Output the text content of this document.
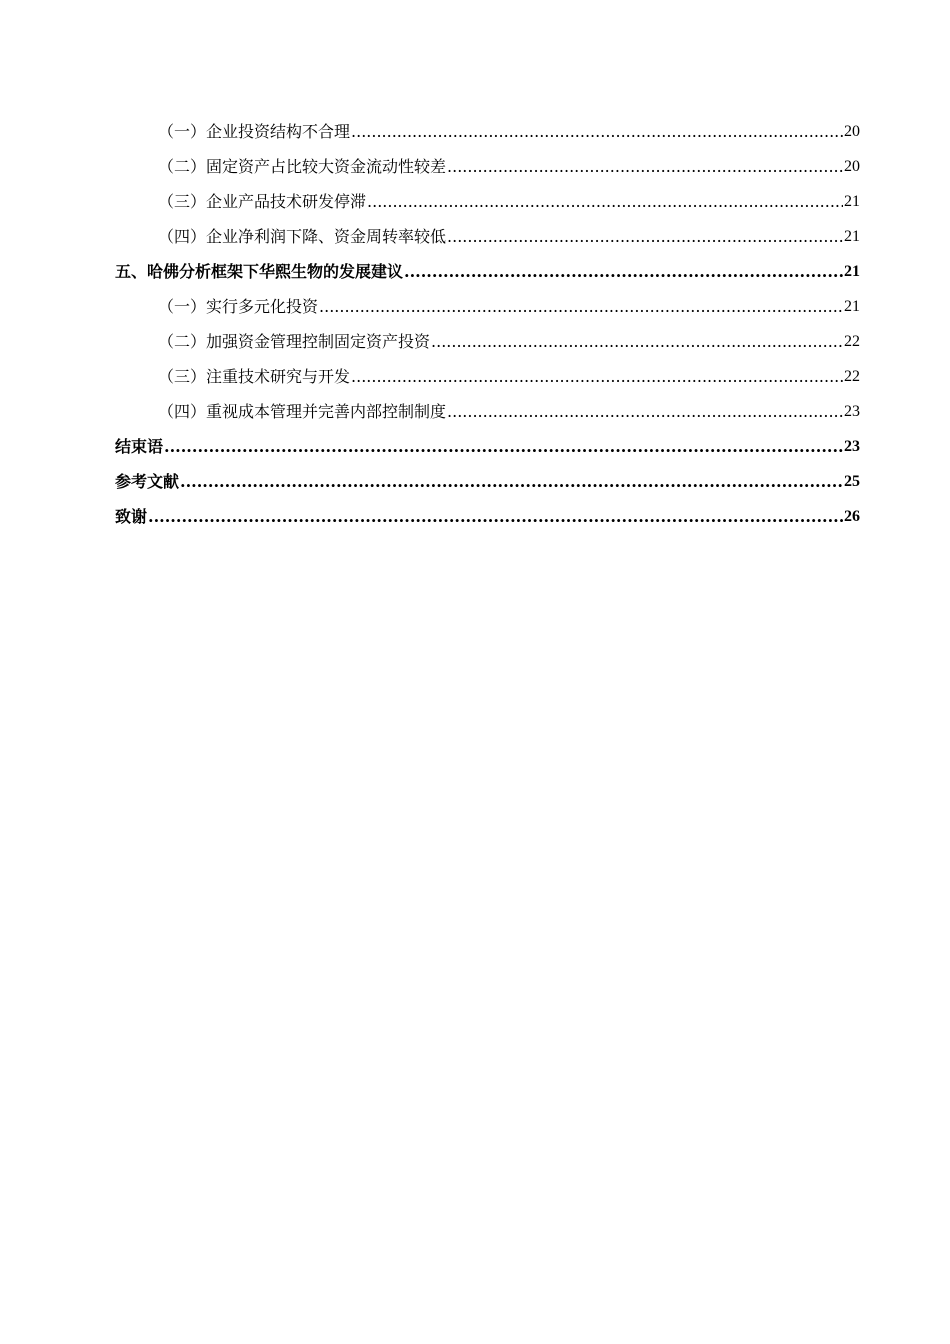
（一）企业投资结构不合理 .....	20
（二）固定资产占比较大资金流动性较差 .....	20
（三）企业产品技术研发停滞 .....	21
（四）企业净利润下降、资金周转率较低 .....	21
五、哈佛分析框架下华熙生物的发展建议 .....	21
（一）实行多元化投资 .....	21
（二）加强资金管理控制固定资产投资 .....	22
（三）注重技术研究与开发 .....	22
（四）重视成本管理并完善内部控制制度 .....	23
结束语 .....	23
参考文献 .....	25
致谢 .....	26
